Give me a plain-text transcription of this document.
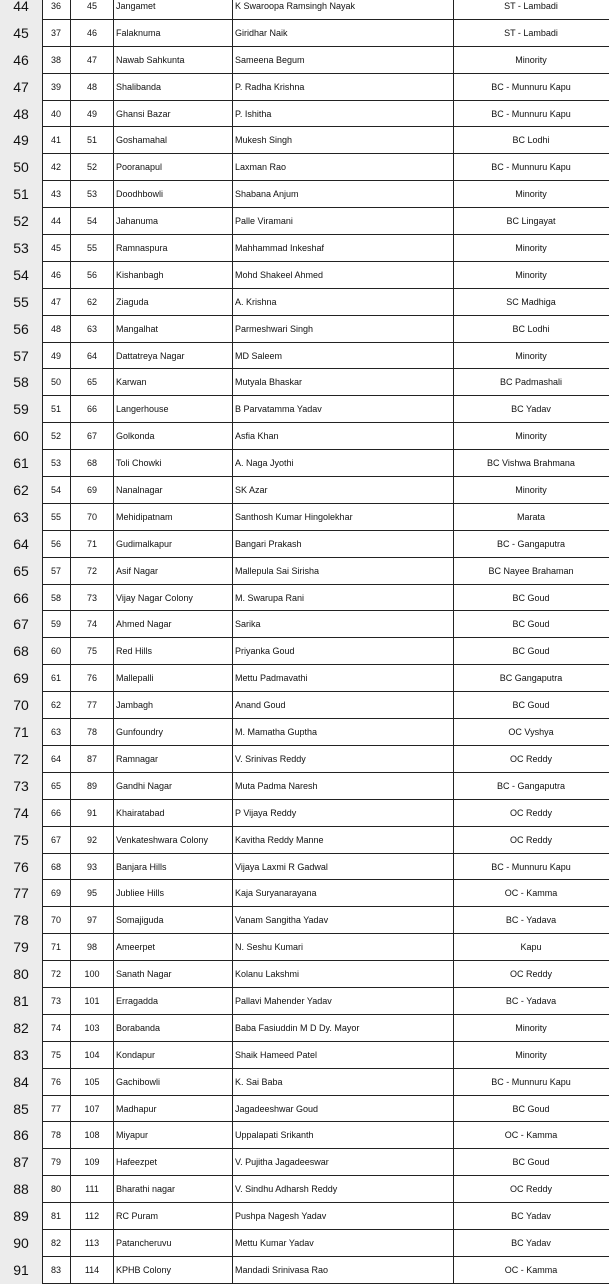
44	36	45	Jangamet	K Swaroopa Ramsingh Nayak	ST - Lambadi
45	37	46	Falaknuma	Giridhar Naik	ST - Lambadi
46	38	47	Nawab Sahkunta	Sameena Begum	Minority
47	39	48	Shalibanda	P. Radha Krishna	BC - Munnuru Kapu
48	40	49	Ghansi Bazar	P. Ishitha	BC - Munnuru Kapu
49	41	51	Goshamahal	Mukesh Singh	BC Lodhi
50	42	52	Pooranapul	Laxman Rao	BC - Munnuru Kapu
51	43	53	Doodhbowli	Shabana Anjum	Minority
52	44	54	Jahanuma	Palle Viramani	BC Lingayat
53	45	55	Ramnaspura	Mahhammad Inkeshaf	Minority
54	46	56	Kishanbagh	Mohd Shakeel Ahmed	Minority
55	47	62	Ziaguda	A. Krishna	SC Madhiga
56	48	63	Mangalhat	Parmeshwari Singh	BC Lodhi
57	49	64	Dattatreya Nagar	MD Saleem	Minority
58	50	65	Karwan	Mutyala Bhaskar	BC Padmashali
59	51	66	Langerhouse	B Parvatamma Yadav	BC Yadav
60	52	67	Golkonda	Asfia Khan	Minority
61	53	68	Toli Chowki	A. Naga Jyothi	BC Vishwa Brahmana
62	54	69	Nanalnagar	SK Azar	Minority
63	55	70	Mehidipatnam	Santhosh Kumar Hingolekhar	Marata
64	56	71	Gudimalkapur	Bangari Prakash	BC - Gangaputra
65	57	72	Asif Nagar	Mallepula Sai Sirisha	BC Nayee Brahaman
66	58	73	Vijay Nagar Colony	M. Swarupa Rani	BC Goud
67	59	74	Ahmed Nagar	Sarika	BC Goud
68	60	75	Red Hills	Priyanka Goud	BC Goud
69	61	76	Mallepalli	Mettu Padmavathi	BC Gangaputra
70	62	77	Jambagh	Anand Goud	BC Goud
71	63	78	Gunfoundry	M. Mamatha Guptha	OC Vyshya
72	64	87	Ramnagar	V. Srinivas Reddy	OC Reddy
73	65	89	Gandhi Nagar	Muta Padma Naresh	BC - Gangaputra
74	66	91	Khairatabad	P Vijaya Reddy	OC Reddy
75	67	92	Venkateshwara Colony	Kavitha Reddy Manne	OC Reddy
76	68	93	Banjara Hills	Vijaya Laxmi R Gadwal	BC - Munnuru Kapu
77	69	95	Jubliee Hills	Kaja Suryanarayana	OC - Kamma
78	70	97	Somajiguda	Vanam Sangitha Yadav	BC - Yadava
79	71	98	Ameerpet	N. Seshu Kumari	Kapu
80	72	100	Sanath Nagar	Kolanu Lakshmi	OC Reddy
81	73	101	Erragadda	Pallavi Mahender Yadav	BC - Yadava
82	74	103	Borabanda	Baba Fasiuddin M D Dy. Mayor	Minority
83	75	104	Kondapur	Shaik Hameed Patel	Minority
84	76	105	Gachibowli	K. Sai Baba	BC - Munnuru Kapu
85	77	107	Madhapur	Jagadeeshwar Goud	BC Goud
86	78	108	Miyapur	Uppalapati Srikanth	OC - Kamma
87	79	109	Hafeezpet	V. Pujitha Jagadeeswar	BC Goud
88	80	111	Bharathi nagar	V. Sindhu Adharsh Reddy	OC Reddy
89	81	112	RC Puram	Pushpa Nagesh Yadav	BC Yadav
90	82	113	Patancheruvu	Mettu Kumar Yadav	BC Yadav
91	83	114	KPHB Colony	Mandadi Srinivasa Rao	OC - Kamma
